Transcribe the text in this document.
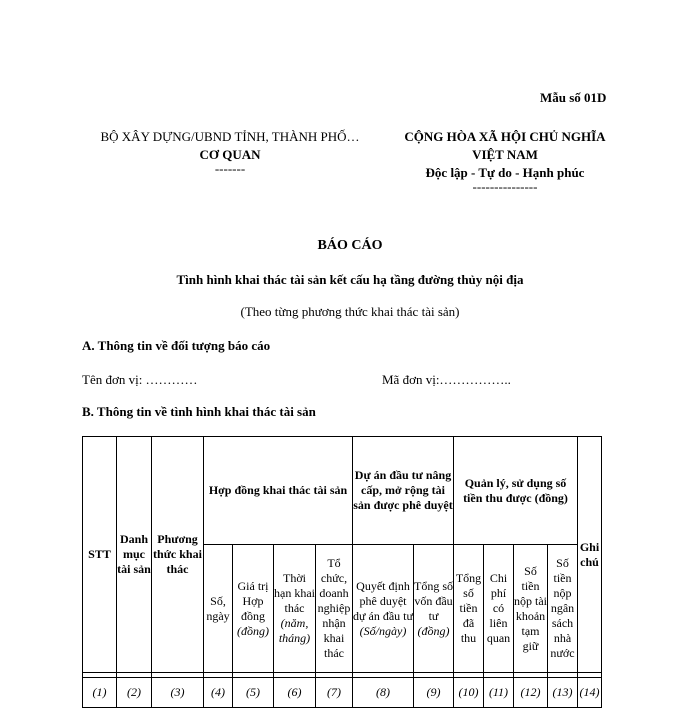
Mẫu số 01D
BỘ XÂY DỰNG/UBND TỈNH, THÀNH PHỐ…
CƠ QUAN
-------
CỘNG HÒA XÃ HỘI CHỦ NGHĨA
VIỆT NAM
Độc lập - Tự do - Hạnh phúc
---------------
BÁO CÁO
Tình hình khai thác tài sản kết cấu hạ tầng đường thủy nội địa
(Theo từng phương thức khai thác tài sản)
A. Thông tin về đối tượng báo cáo
Tên đơn vị: …………	Mã đơn vị:……………..
B. Thông tin về tình hình khai thác tài sản
STT	Danh mục tài sản	Phương thức khai thác	Hợp đồng khai thác tài sản				Dự án đầu tư nâng cấp, mở rộng tài sản được phê duyệt		Quản lý, sử dụng số tiền thu được (đồng)				Ghi chú
			Số, ngày	Giá trị Hợp đồng (đồng)	Thời hạn khai thác (năm, tháng)	Tổ chức, doanh nghiệp nhận khai thác	Quyết định phê duyệt dự án đầu tư (Số/ngày)	Tổng số vốn đầu tư (đồng)	Tổng số tiền đã thu	Chi phí có liên quan	Số tiền nộp tài khoản tạm giữ	Số tiền nộp ngân sách nhà nước	

(1)	(2)	(3)	(4)	(5)	(6)	(7)	(8)	(9)	(10)	(11)	(12)	(13)	(14)
